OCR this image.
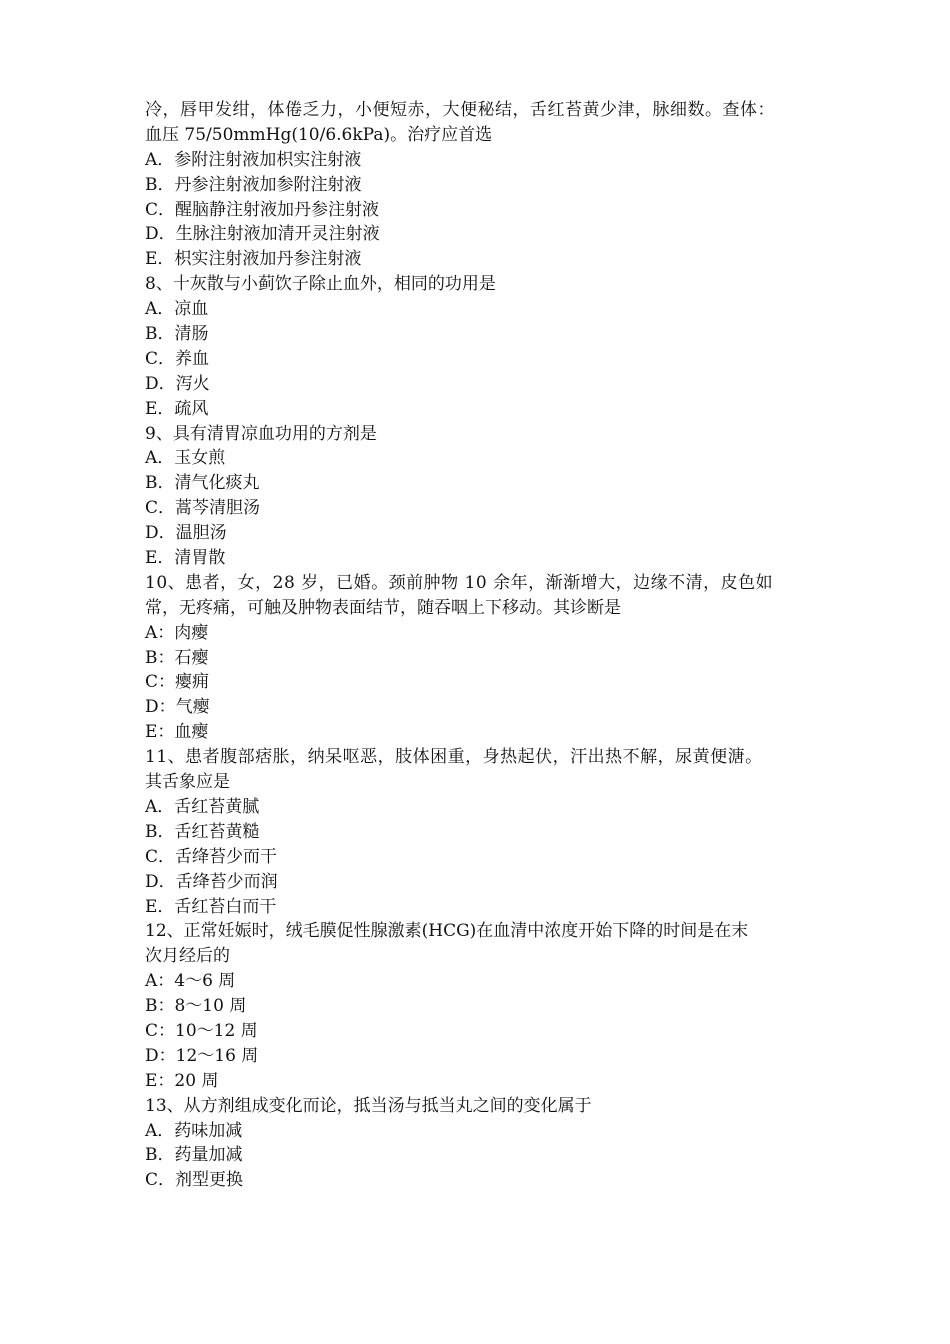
冷，唇甲发绀，体倦乏力，小便短赤，大便秘结，舌红苔黄少津，脉细数。查体：
血压 75/50mmHg(10/6.6kPa)。治疗应首选
A．参附注射液加枳实注射液
B．丹参注射液加参附注射液
C．醒脑静注射液加丹参注射液
D．生脉注射液加清开灵注射液
E．枳实注射液加丹参注射液
8、十灰散与小蓟饮子除止血外，相同的功用是
A．凉血
B．清肠
C．养血
D．泻火
E．疏风
9、具有清胃凉血功用的方剂是
A．玉女煎
B．清气化痰丸
C．蒿芩清胆汤
D．温胆汤
E．清胃散
10、患者，女，28 岁，已婚。颈前肿物 10 余年，渐渐增大，边缘不清，皮色如
常，无疼痛，可触及肿物表面结节，随吞咽上下移动。其诊断是
A：肉瘿
B：石瘿
C：瘿痈
D：气瘿
E：血瘿
11、患者腹部痞胀，纳呆呕恶，肢体困重，身热起伏，汗出热不解，尿黄便溏。
其舌象应是
A．舌红苔黄腻
B．舌红苔黄糙
C．舌绛苔少而干
D．舌绛苔少而润
E．舌红苔白而干
12、正常妊娠时，绒毛膜促性腺激素(HCG)在血清中浓度开始下降的时间是在末
次月经后的
A：4～6 周
B：8～10 周
C：10～12 周
D：12～16 周
E：20 周
13、从方剂组成变化而论，抵当汤与抵当丸之间的变化属于
A．药味加减
B．药量加减
C．剂型更换
